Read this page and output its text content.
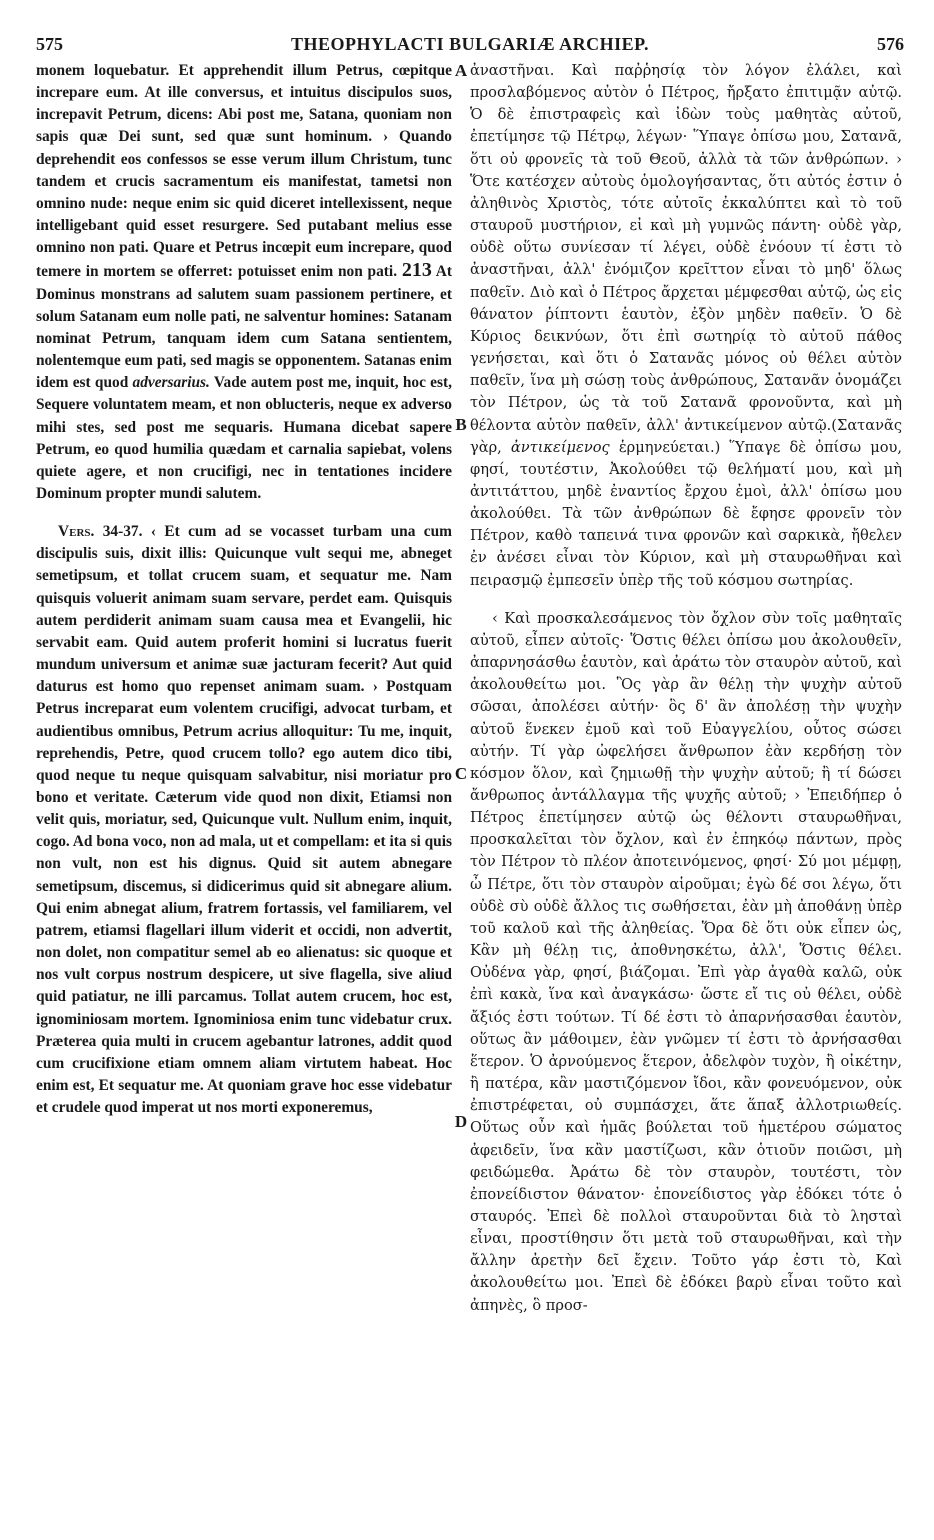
575	THEOPHYLACTI BULGARIÆ ARCHIEP.	576
A
B
C
D

monem loquebatur. Et apprehendit illum Petrus, cœpitque increpare eum. At ille conversus, et intuitus discipulos suos, increpavit Petrum, dicens: Abi post me, Satana, quoniam non sapis quæ Dei sunt, sed quæ sunt hominum. › Quando deprehendit eos confessos se esse verum illum Christum, tunc tandem et crucis sacramentum eis manifestat, tametsi non omnino nude: neque enim sic quid diceret intellexissent, neque intelligebant quid esset resurgere. Sed putabant melius esse omnino non pati. Quare et Petrus incœpit eum increpare, quod temere in mortem se offerret: potuisset enim non pati. 213 At Dominus monstrans ad salutem suam passionem pertinere, et solum Satanam eum nolle pati, ne salventur homines: Satanam nominat Petrum, tanquam idem cum Satana sentientem, nolentemque eum pati, sed magis se opponentem. Satanas enim idem est quod adversarius. Vade autem post me, inquit, hoc est, Sequere voluntatem meam, et non oblucteris, neque ex adverso mihi stes, sed post me sequaris. Humana dicebat sapere Petrum, eo quod humilia quædam et carnalia sapiebat, volens quiete agere, et non crucifigi, nec in tentationes incidere Dominum propter mundi salutem.

Vers. 34-37. ‹ Et cum ad se vocasset turbam una cum discipulis suis, dixit illis: Quicunque vult sequi me, abneget semetipsum, et tollat crucem suam, et sequatur me. Nam quisquis voluerit animam suam servare, perdet eam. Quisquis autem perdiderit animam suam causa mea et Evangelii, hic servabit eam. Quid autem proferit homini si lucratus fuerit mundum universum et animæ suæ jacturam fecerit? Aut quid daturus est homo quo repenset animam suam. › Postquam Petrus increparat eum volentem crucifigi, advocat turbam, et audientibus omnibus, Petrum acrius alloquitur: Tu me, inquit, reprehendis, Petre, quod crucem tollo? ego autem dico tibi, quod neque tu neque quisquam salvabitur, nisi moriatur pro bono et veritate. Cæterum vide quod non dixit, Etiamsi non velit quis, moriatur, sed, Quicunque vult. Nullum enim, inquit, cogo. Ad bona voco, non ad mala, ut et compellam: et ita si quis non vult, non est his dignus. Quid sit autem abnegare semetipsum, discemus, si didicerimus quid sit abnegare alium. Qui enim abnegat alium, fratrem fortassis, vel familiarem, vel patrem, etiamsi flagellari illum viderit et occidi, non advertit, non dolet, non compatitur semel ab eo alienatus: sic quoque et nos vult corpus nostrum despicere, ut sive flagella, sive aliud quid patiatur, ne illi parcamus. Tollat autem crucem, hoc est, ignominiosam mortem. Ignominiosa enim tunc videbatur crux. Præterea quia multi in crucem agebantur latrones, addit quod cum crucifixione etiam omnem aliam virtutem habeat. Hoc enim est, Et sequatur me. At quoniam grave hoc esse videbatur et crudele quod imperat ut nos morti exponeremus,

ἀναστῆναι. Καὶ παῤῥησίᾳ τὸν λόγον ἐλάλει, καὶ προσλαβόμενος αὐτὸν ὁ Πέτρος, ἤρξατο ἐπιτιμᾷν αὐτῷ. Ὁ δὲ ἐπιστραφεὶς καὶ ἰδὼν τοὺς μαθητὰς αὐτοῦ, ἐπετίμησε τῷ Πέτρῳ, λέγων· Ὕπαγε ὀπίσω μου, Σατανᾶ, ὅτι οὐ φρονεῖς τὰ τοῦ Θεοῦ, ἀλλὰ τὰ τῶν ἀνθρώπων. › Ὅτε κατέσχεν αὐτοὺς ὁμολογήσαντας, ὅτι αὐτός ἐστιν ὁ ἀληθινὸς Χριστὸς, τότε αὐτοῖς ἐκκαλύπτει καὶ τὸ τοῦ σταυροῦ μυστήριον, εἰ καὶ μὴ γυμνῶς πάντη· οὐδὲ γὰρ, οὐδὲ οὕτω συνίεσαν τί λέγει, οὐδὲ ἐνόουν τί ἐστι τὸ ἀναστῆναι, ἀλλ' ἐνόμιζον κρεῖττον εἶναι τὸ μηδ' ὅλως παθεῖν. Διὸ καὶ ὁ Πέτρος ἄρχεται μέμφεσθαι αὐτῷ, ὡς εἰς θάνατον ῥίπτοντι ἑαυτὸν, ἐξὸν μηδὲν παθεῖν. Ὁ δὲ Κύριος δεικνύων, ὅτι ἐπὶ σωτηρίᾳ τὸ αὐτοῦ πάθος γενήσεται, καὶ ὅτι ὁ Σατανᾶς μόνος οὐ θέλει αὐτὸν παθεῖν, ἵνα μὴ σώσῃ τοὺς ἀνθρώπους, Σατανᾶν ὀνομάζει τὸν Πέτρον, ὡς τὰ τοῦ Σατανᾶ φρονοῦντα, καὶ μὴ θέλοντα αὐτὸν παθεῖν, ἀλλ' ἀντικείμενον αὐτῷ.(Σατανᾶς γὰρ, ἀντικείμενος ἑρμηνεύεται.) Ὕπαγε δὲ ὀπίσω μου, φησί, τουτέστιν, Ἀκολούθει τῷ θελήματί μου, καὶ μὴ ἀντιτάττου, μηδὲ ἐναντίος ἔρχου ἐμοὶ, ἀλλ' ὀπίσω μου ἀκολούθει. Τὰ τῶν ἀνθρώπων δὲ ἔφησε φρονεῖν τὸν Πέτρον, καθὸ ταπεινά τινα φρονῶν καὶ σαρκικὰ, ἤθελεν ἐν ἀνέσει εἶναι τὸν Κύριον, καὶ μὴ σταυρωθῆναι καὶ πειρασμῷ ἐμπεσεῖν ὑπὲρ τῆς τοῦ κόσμου σωτηρίας.

‹ Καὶ προσκαλεσάμενος τὸν ὄχλον σὺν τοῖς μαθηταῖς αὐτοῦ, εἶπεν αὐτοῖς· Ὅστις θέλει ὀπίσω μου ἀκολουθεῖν, ἀπαρνησάσθω ἑαυτὸν, καὶ ἀράτω τὸν σταυρὸν αὐτοῦ, καὶ ἀκολουθείτω μοι. Ὃς γὰρ ἂν θέλῃ τὴν ψυχὴν αὐτοῦ σῶσαι, ἀπολέσει αὐτήν· ὃς δ' ἂν ἀπολέσῃ τὴν ψυχὴν αὐτοῦ ἕνεκεν ἐμοῦ καὶ τοῦ Εὐαγγελίου, οὗτος σώσει αὐτήν. Τί γὰρ ὠφελήσει ἄνθρωπον ἐὰν κερδήσῃ τὸν κόσμον ὅλον, καὶ ζημιωθῇ τὴν ψυχὴν αὐτοῦ; ἢ τί δώσει ἄνθρωπος ἀντάλλαγμα τῆς ψυχῆς αὐτοῦ; › Ἐπειδήπερ ὁ Πέτρος ἐπετίμησεν αὐτῷ ὡς θέλοντι σταυρωθῆναι, προσκαλεῖται τὸν ὄχλον, καὶ ἐν ἐπηκόῳ πάντων, πρὸς τὸν Πέτρον τὸ πλέον ἀποτεινόμενος, φησί· Σύ μοι μέμφῃ, ὦ Πέτρε, ὅτι τὸν σταυρὸν αἱροῦμαι; ἐγὼ δέ σοι λέγω, ὅτι οὐδὲ σὺ οὐδὲ ἄλλος τις σωθήσεται, ἐὰν μὴ ἀποθάνῃ ὑπὲρ τοῦ καλοῦ καὶ τῆς ἀληθείας. Ὅρα δὲ ὅτι οὐκ εἶπεν ὡς, Κἂν μὴ θέλῃ τις, ἀποθνησκέτω, ἀλλ', Ὅστις θέλει. Οὐδένα γὰρ, φησί, βιάζομαι. Ἐπὶ γὰρ ἀγαθὰ καλῶ, οὐκ ἐπὶ κακὰ, ἵνα καὶ ἀναγκάσω· ὥστε εἴ τις οὐ θέλει, οὐδὲ ἄξιός ἐστι τούτων. Τί δέ ἐστι τὸ ἀπαρνήσασθαι ἑαυτὸν, οὕτως ἂν μάθοιμεν, ἐὰν γνῶμεν τί ἐστι τὸ ἀρνήσασθαι ἕτερον. Ὁ ἀρνούμενος ἕτερον, ἀδελφὸν τυχὸν, ἢ οἰκέτην, ἢ πατέρα, κἂν μαστιζόμενον ἴδοι, κἂν φονευόμενον, οὐκ ἐπιστρέφεται, οὐ συμπάσχει, ἅτε ἅπαξ ἀλλοτριωθείς. Οὕτως οὖν καὶ ἡμᾶς βούλεται τοῦ ἡμετέρου σώματος ἀφειδεῖν, ἵνα κἂν μαστίζωσι, κἂν ὁτιοῦν ποιῶσι, μὴ φειδώμεθα. Ἀράτω δὲ τὸν σταυρὸν, τουτέστι, τὸν ἐπονείδιστον θάνατον· ἐπονείδιστος γὰρ ἐδόκει τότε ὁ σταυρός. Ἐπεὶ δὲ πολλοὶ σταυροῦνται διὰ τὸ λησταὶ εἶναι, προστίθησιν ὅτι μετὰ τοῦ σταυρωθῆναι, καὶ τὴν ἄλλην ἀρετὴν δεῖ ἔχειν. Τοῦτο γάρ ἐστι τὸ, Καὶ ἀκολουθείτω μοι. Ἐπεὶ δὲ ἐδόκει βαρὺ εἶναι τοῦτο καὶ ἀπηνὲς, ὃ προσ-
